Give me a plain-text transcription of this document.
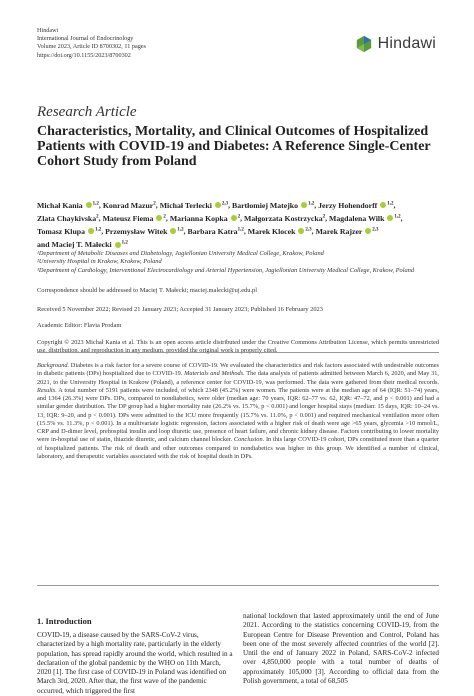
Hindawi
International Journal of Endocrinology
Volume 2023, Article ID 8700302, 11 pages
https://doi.org/10.1155/2023/8700302
Hindawi
Research Article
Characteristics, Mortality, and Clinical Outcomes of Hospitalized Patients with COVID-19 and Diabetes: A Reference Single-Center Cohort Study from Poland
Michał Kania $^{1,2}$, Konrad Mazur$^2$, Michał Terlecki $^{2,3}$, Bartłomiej Matejko $^{1,2}$, Jerzy Hohendorff $^{1,2}$, Zlata Chaykivska$^2$, Mateusz Fiema $^2$, Marianna Kopka $^2$, Małgorzata Kostrzycka$^2$, Magdalena Wilk $^{1,2}$, Tomasz Klupa $^{1,2}$, Przemysław Witek $^{1,2}$, Barbara Katra$^{1,2}$, Marek Klocek $^{2,3}$, Marek Rajzer $^{2,3}$ and Maciej T. Małecki $^{1,2}$
¹Department of Metabolic Diseases and Diabetology, Jagiellonian University Medical College, Krakow, Poland
²University Hospital in Krakow, Krakow, Poland
³Department of Cardiology, Interventional Electrocardiology and Arterial Hypertension, Jagiellonian University Medical College, Krakow, Poland
Correspondence should be addressed to Maciej T. Małecki; maciej.malecki@uj.edu.pl
Received 5 November 2022; Revised 21 January 2023; Accepted 31 January 2023; Published 16 February 2023
Academic Editor: Flavia Prodam
Copyright © 2023 Michał Kania et al. This is an open access article distributed under the Creative Commons Attribution License, which permits unrestricted use, distribution, and reproduction in any medium, provided the original work is properly cited.
Background. Diabetes is a risk factor for a severe course of COVID-19. We evaluated the characteristics and risk factors associated with undesirable outcomes in diabetic patients (DPs) hospitalized due to COVID-19. Materials and Methods. The data analysis of patients admitted between March 6, 2020, and May 31, 2021, to the University Hospital in Krakow (Poland), a reference center for COVID-19, was performed. The data were gathered from their medical records. Results. A total number of 5191 patients were included, of which 2348 (45.2%) were women. The patients were at the median age of 64 (IQR: 51–74) years, and 1364 (26.3%) were DPs. DPs, compared to nondiabetics, were older (median age: 70 years, IQR: 62–77 vs. 62, IQR: 47–72, and p < 0.001) and had a similar gender distribution. The DP group had a higher mortality rate (26.2% vs. 15.7%, p < 0.001) and longer hospital stays (median: 15 days, IQR: 10–24 vs. 13, IQR: 9–20, and p < 0.001). DPs were admitted to the ICU more frequently (15.7% vs. 11.0%, p < 0.001) and required mechanical ventilation more often (15.5% vs. 11.3%, p < 0.001). In a multivariate logistic regression, factors associated with a higher risk of death were age >65 years, glycemia >10 mmol/L, CRP and D-dimer level, prehospital insulin and loop diuretic use, presence of heart failure, and chronic kidney disease. Factors contributing to lower mortality were in-hospital use of statin, thiazide diuretic, and calcium channel blocker. Conclusion. In this large COVID-19 cohort, DPs constituted more than a quarter of hospitalized patients. The risk of death and other outcomes compared to nondiabetics was higher in this group. We identified a number of clinical, laboratory, and therapeutic variables associated with the risk of hospital death in DPs.
1. Introduction	national lockdown that lasted approximately until the end of June 2021. According to the statistics concerning COVID-19, from the European Centre for Disease Prevention and Control, Poland has been one of the most severely affected countries of the world [2]. Until the end of January 2022 in Poland, SARS-CoV-2 infected over 4,850,000 people with a total number of deaths of approximately 105,000 [3]. According to official data from the Polish government, a total of 68,505
COVID-19, a disease caused by the SARS-CoV-2 virus, characterized by a high mortality rate, particularly in the elderly population, has spread rapidly around the world, which resulted in a declaration of the global pandemic by the WHO on 11th March, 2020 [1]. The first case of COVID-19 in Poland was identified on March 3rd, 2020. After that, the first wave of the pandemic occurred, which triggered the first
